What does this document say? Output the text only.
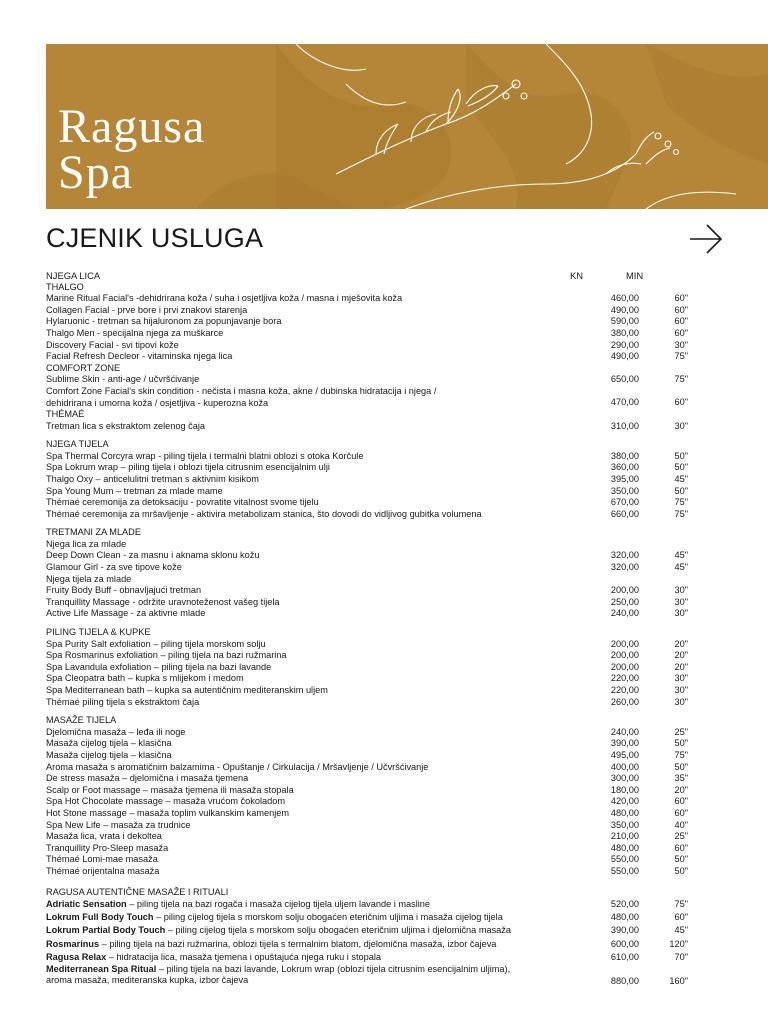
Ragusa
Spa
CJENIK USLUGA
NJEGA LICA	KN	MIN
THALGO
Marine Ritual Facial's -dehidrirana koža / suha i osjetljiva koža / masna i mješovita koža	460,00	60"
Collagen Facial - prve bore i prvi znakovi starenja	490,00	60"
Hylaruonic - tretman sa hijaluronom za popunjavanje bora	590,00	60"
Thalgo Men - specijalna njega za muškarce	380,00	60"
Discovery Facial - svi tipovi kože	290,00	30"
Facial Refresh Decleor - vitaminska njega lica	490,00	75"
COMFORT ZONE
Sublime Skin - anti-age / učvršćivanje	650,00	75"
Comfort Zone Facial's skin condition - nečista i masna koža, akne / dubinska hidratacija i njega /
dehidrirana i umorna koža / osjetljiva - kuperozna koža	470,00	60"
THÉMAÉ
Tretman lica s ekstraktom zelenog čaja	310,00	30"
NJEGA TIJELA
Spa Thermal Corcyra wrap - piling tijela i termalni blatni oblozi s otoka Korčule	380,00	50"
Spa Lokrum wrap – piling tijela i oblozi tijela citrusnim esencijalnim ulji	360,00	50"
Thalgo Oxy – anticelulitni tretman s aktivnim kisikom	395,00	45"
Spa Young Mum – tretman za mlade mame	350,00	50"
Thémaé ceremonija za detoksaciju - povratite vitalnost svome tijelu	670,00	75"
Thémaé ceremonija za mršavljenje - aktivira metabolizam stanica, što dovodi do vidljivog gubitka volumena	660,00	75"
TRETMANI ZA MLADE
Njega lica za mlade
Deep Down Clean - za masnu i aknama sklonu kožu	320,00	45"
Glamour Girl - za sve tipove kože	320,00	45"
Njega tijela za mlade
Fruity Body Buff - obnavljajući tretman	200,00	30"
Tranquillity Massage - održite uravnoteženost vašeg tijela	250,00	30"
Active Life Massage - za aktivne mlade	240,00	30"
PILING TIJELA & KUPKE
Spa Purity Salt exfoliation – piling tijela morskom solju	200,00	20"
Spa Rosmarinus exfoliation – piling tijela na bazi ružmarina	200,00	20"
Spa Lavandula exfoliation – piling tijela na bazi lavande	200,00	20"
Spa Cleopatra bath – kupka s mlijekom i medom	220,00	30"
Spa Mediterranean bath – kupka sa autentičnim mediteranskim uljem	220,00	30"
Thémaé piling tijela s ekstraktom čaja	260,00	30"
MASAŽE TIJELA
Djelomična masaža – leđa ili noge	240,00	25"
Masaža cijelog tijela – klasična	390,00	50"
Masaža cijelog tijela – klasična	495,00	75"
Aroma masaža s aromatičnim balzamima - Opuštanje / Cirkulacija / Mršavljenje / Učvršćivanje	400,00	50"
De stress masaža – djelomična i masaža tjemena	300,00	35"
Scalp or Foot massage – masaža tjemena ili masaža stopala	180,00	20"
Spa Hot Chocolate massage – masaža vrućom čokoladom	420,00	60"
Hot Stone massage – masaža toplim vulkanskim kamenjem	480,00	60"
Spa New Life – masaža za trudnice	350,00	40"
Masaža lica, vrata i dekoltea	210,00	25"
Tranquillity Pro-Sleep masaža	480,00	60"
Thémaé Lomi-mae masaža	550,00	50"
Thémaé orijentalna masaža	550,00	50"
RAGUSA AUTENTIČNE MASAŽE I RITUALI
Adriatic Sensation – piling tijela na bazi rogača i masaža cijelog tijela uljem lavande i masline	520,00	75"
Lokrum Full Body Touch – piling cijelog tijela s morskom solju obogaćen eteričnim uljima i masaža cijelog tijela	480,00	60"
Lokrum Partial Body Touch – piling cijelog tijela s morskom solju obogaćen eteričnim uljima i djelomična masaža	390,00	45"
Rosmarinus – piling tijela na bazi ružmarina, oblozi tijela s termalnim blatom, djelomična masaža, izbor čajeva	600,00	120"
Ragusa Relax – hidratacija lica, masaža tjemena i opuštajuća njega ruku i stopala	610,00	70"
Mediterranean Spa Ritual – piling tijela na bazi lavande, Lokrum wrap (oblozi tijela citrusnim esencijalnim uljima),
aroma masaža, mediteranska kupka, izbor čajeva	880,00	160"
